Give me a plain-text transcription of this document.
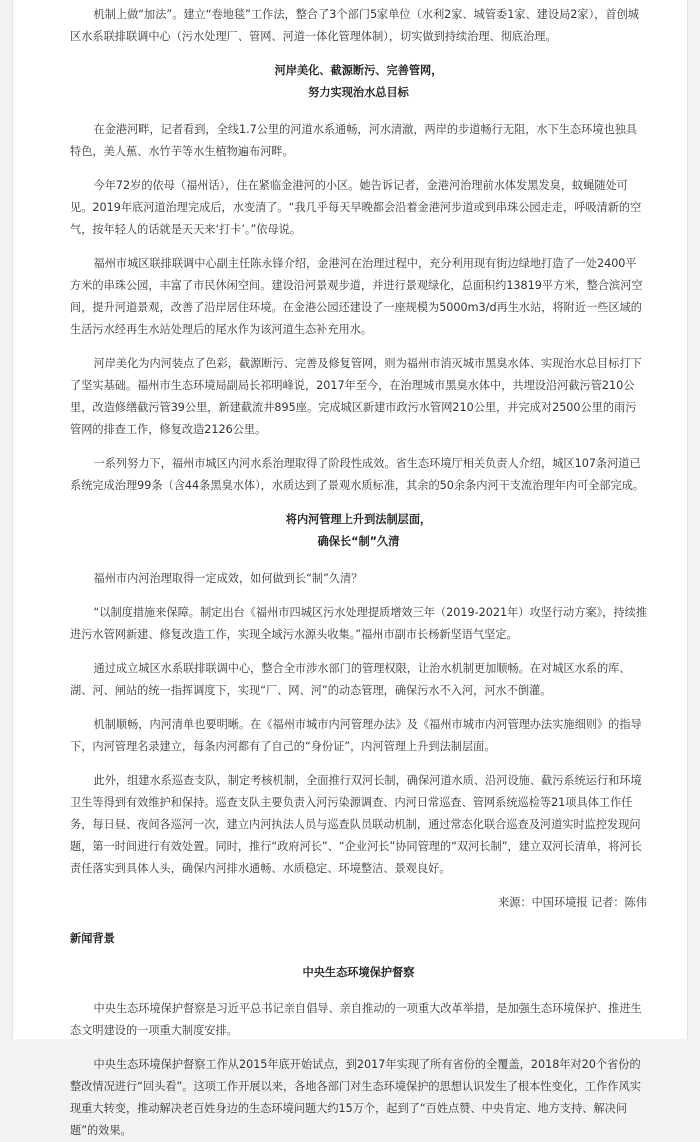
机制上做“加法”。建立“卷地毯”工作法，整合了3个部门5家单位（水利2家、城管委1家、建设局2家），首创城区水系联排联调中心（污水处理厂、管网、河道一体化管理体制），切实做到持续治理、彻底治理。

河岸美化、截源断污、完善管网，

努力实现治水总目标

在金港河畔，记者看到，全线1.7公里的河道水系通畅，河水清澈，两岸的步道畅行无阻，水下生态环境也独具特色，美人蕉、水竹芋等水生植物遍布河畔。

今年72岁的依母（福州话），住在紧临金港河的小区。她告诉记者，金港河治理前水体发黑发臭，蚊蝇随处可见。2019年底河道治理完成后，水变清了。“我几乎每天早晚都会沿着金港河步道或到串珠公园走走，呼吸清新的空气，按年轻人的话就是天天来‘打卡’。”依母说。

福州市城区联排联调中心副主任陈永锋介绍，金港河在治理过程中，充分利用现有街边绿地打造了一处2400平方米的串珠公园，丰富了市民休闲空间。建设沿河景观步道，并进行景观绿化，总面积约13819平方米，整合滨河空间，提升河道景观，改善了沿岸居住环境。在金港公园还建设了一座规模为5000m3/d再生水站，将附近一些区域的生活污水经再生水站处理后的尾水作为该河道生态补充用水。

河岸美化为内河装点了色彩，截源断污、完善及修复管网，则为福州市消灭城市黑臭水体、实现治水总目标打下了坚实基础。福州市生态环境局副局长祁明峰说，2017年至今，在治理城市黑臭水体中，共埋设沿河截污管210公里，改造修缮截污管39公里，新建截流井895座。完成城区新建市政污水管网210公里，并完成对2500公里的雨污管网的排查工作，修复改造2126公里。

一系列努力下，福州市城区内河水系治理取得了阶段性成效。省生态环境厅相关负责人介绍，城区107条河道已系统完成治理99条（含44条黑臭水体），水质达到了景观水质标准，其余的50余条内河干支流治理年内可全部完成。

将内河管理上升到法制层面，

确保长“制”久清

福州市内河治理取得一定成效，如何做到长“制”久清？

“以制度措施来保障。制定出台《福州市四城区污水处理提质增效三年（2019-2021年）攻坚行动方案》，持续推进污水管网新建、修复改造工作，实现全域污水源头收集。”福州市副市长杨新坚语气坚定。

通过成立城区水系联排联调中心，整合全市涉水部门的管理权限，让治水机制更加顺畅。在对城区水系的库、湖、河、闸站的统一指挥调度下，实现“厂、网、河”的动态管理，确保污水不入河，河水不倒灌。

机制顺畅，内河清单也要明晰。在《福州市城市内河管理办法》及《福州市城市内河管理办法实施细则》的指导下，内河管理名录建立，每条内河都有了自己的“身份证”，内河管理上升到法制层面。

此外，组建水系巡查支队，制定考核机制，全面推行双河长制，确保河道水质、沿河设施、截污系统运行和环境卫生等得到有效维护和保持。巡查支队主要负责入河污染源调查、内河日常巡查、管网系统巡检等21项具体工作任务，每日昼、夜间各巡河一次，建立内河执法人员与巡查队员联动机制，通过常态化联合巡查及河道实时监控发现问题，第一时间进行有效处置。同时，推行“政府河长”、“企业河长”协同管理的“双河长制”，建立双河长清单，将河长责任落实到具体人头，确保内河排水通畅、水质稳定、环境整洁、景观良好。

来源：中国环境报 记者：陈伟

新闻背景

中央生态环境保护督察

中央生态环境保护督察是习近平总书记亲自倡导、亲自推动的一项重大改革举措，是加强生态环境保护、推进生态文明建设的一项重大制度安排。

中央生态环境保护督察工作从2015年底开始试点，到2017年实现了所有省份的全覆盖，2018年对20个省份的整改情况进行“回头看”。这项工作开展以来，各地各部门对生态环境保护的思想认识发生了根本性变化，工作作风实现重大转变，推动解决老百姓身边的生态环境问题大约15万个，起到了“百姓点赞、中央肯定、地方支持、解决问题”的效果。
